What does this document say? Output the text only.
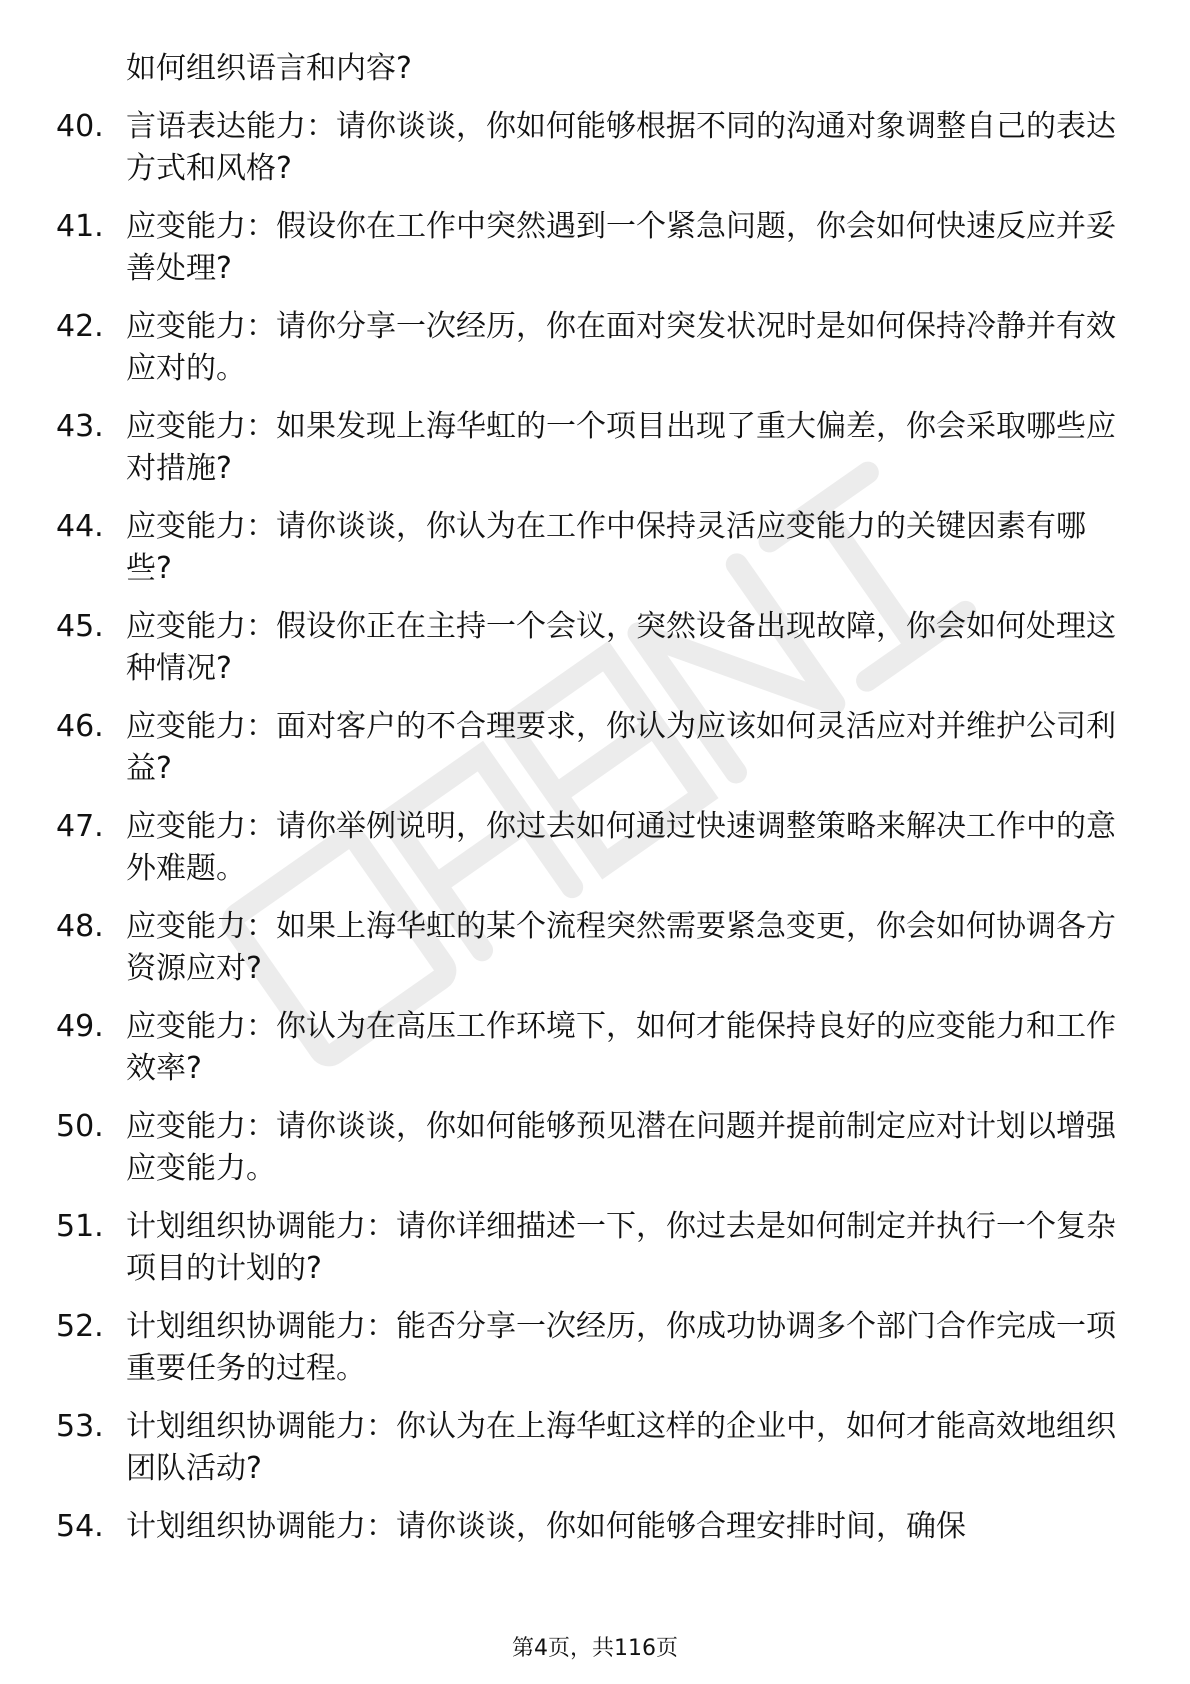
如何组织语言和内容?
40. 言语表达能力：请你谈谈，你如何能够根据不同的沟通对象调整自己的表达方式和风格?
41. 应变能力：假设你在工作中突然遇到一个紧急问题，你会如何快速反应并妥善处理?
42. 应变能力：请你分享一次经历，你在面对突发状况时是如何保持冷静并有效应对的。
43. 应变能力：如果发现上海华虹的一个项目出现了重大偏差，你会采取哪些应对措施?
44. 应变能力：请你谈谈，你认为在工作中保持灵活应变能力的关键因素有哪些?
45. 应变能力：假设你正在主持一个会议，突然设备出现故障，你会如何处理这种情况?
46. 应变能力：面对客户的不合理要求，你认为应该如何灵活应对并维护公司利益?
47. 应变能力：请你举例说明，你过去如何通过快速调整策略来解决工作中的意外难题。
48. 应变能力：如果上海华虹的某个流程突然需要紧急变更，你会如何协调各方资源应对?
49. 应变能力：你认为在高压工作环境下，如何才能保持良好的应变能力和工作效率?
50. 应变能力：请你谈谈，你如何能够预见潜在问题并提前制定应对计划以增强应变能力。
51. 计划组织协调能力：请你详细描述一下，你过去是如何制定并执行一个复杂项目的计划的?
52. 计划组织协调能力：能否分享一次经历，你成功协调多个部门合作完成一项重要任务的过程。
53. 计划组织协调能力：你认为在上海华虹这样的企业中，如何才能高效地组织团队活动?
54. 计划组织协调能力：请你谈谈，你如何能够合理安排时间，确保
第4页，共116页
